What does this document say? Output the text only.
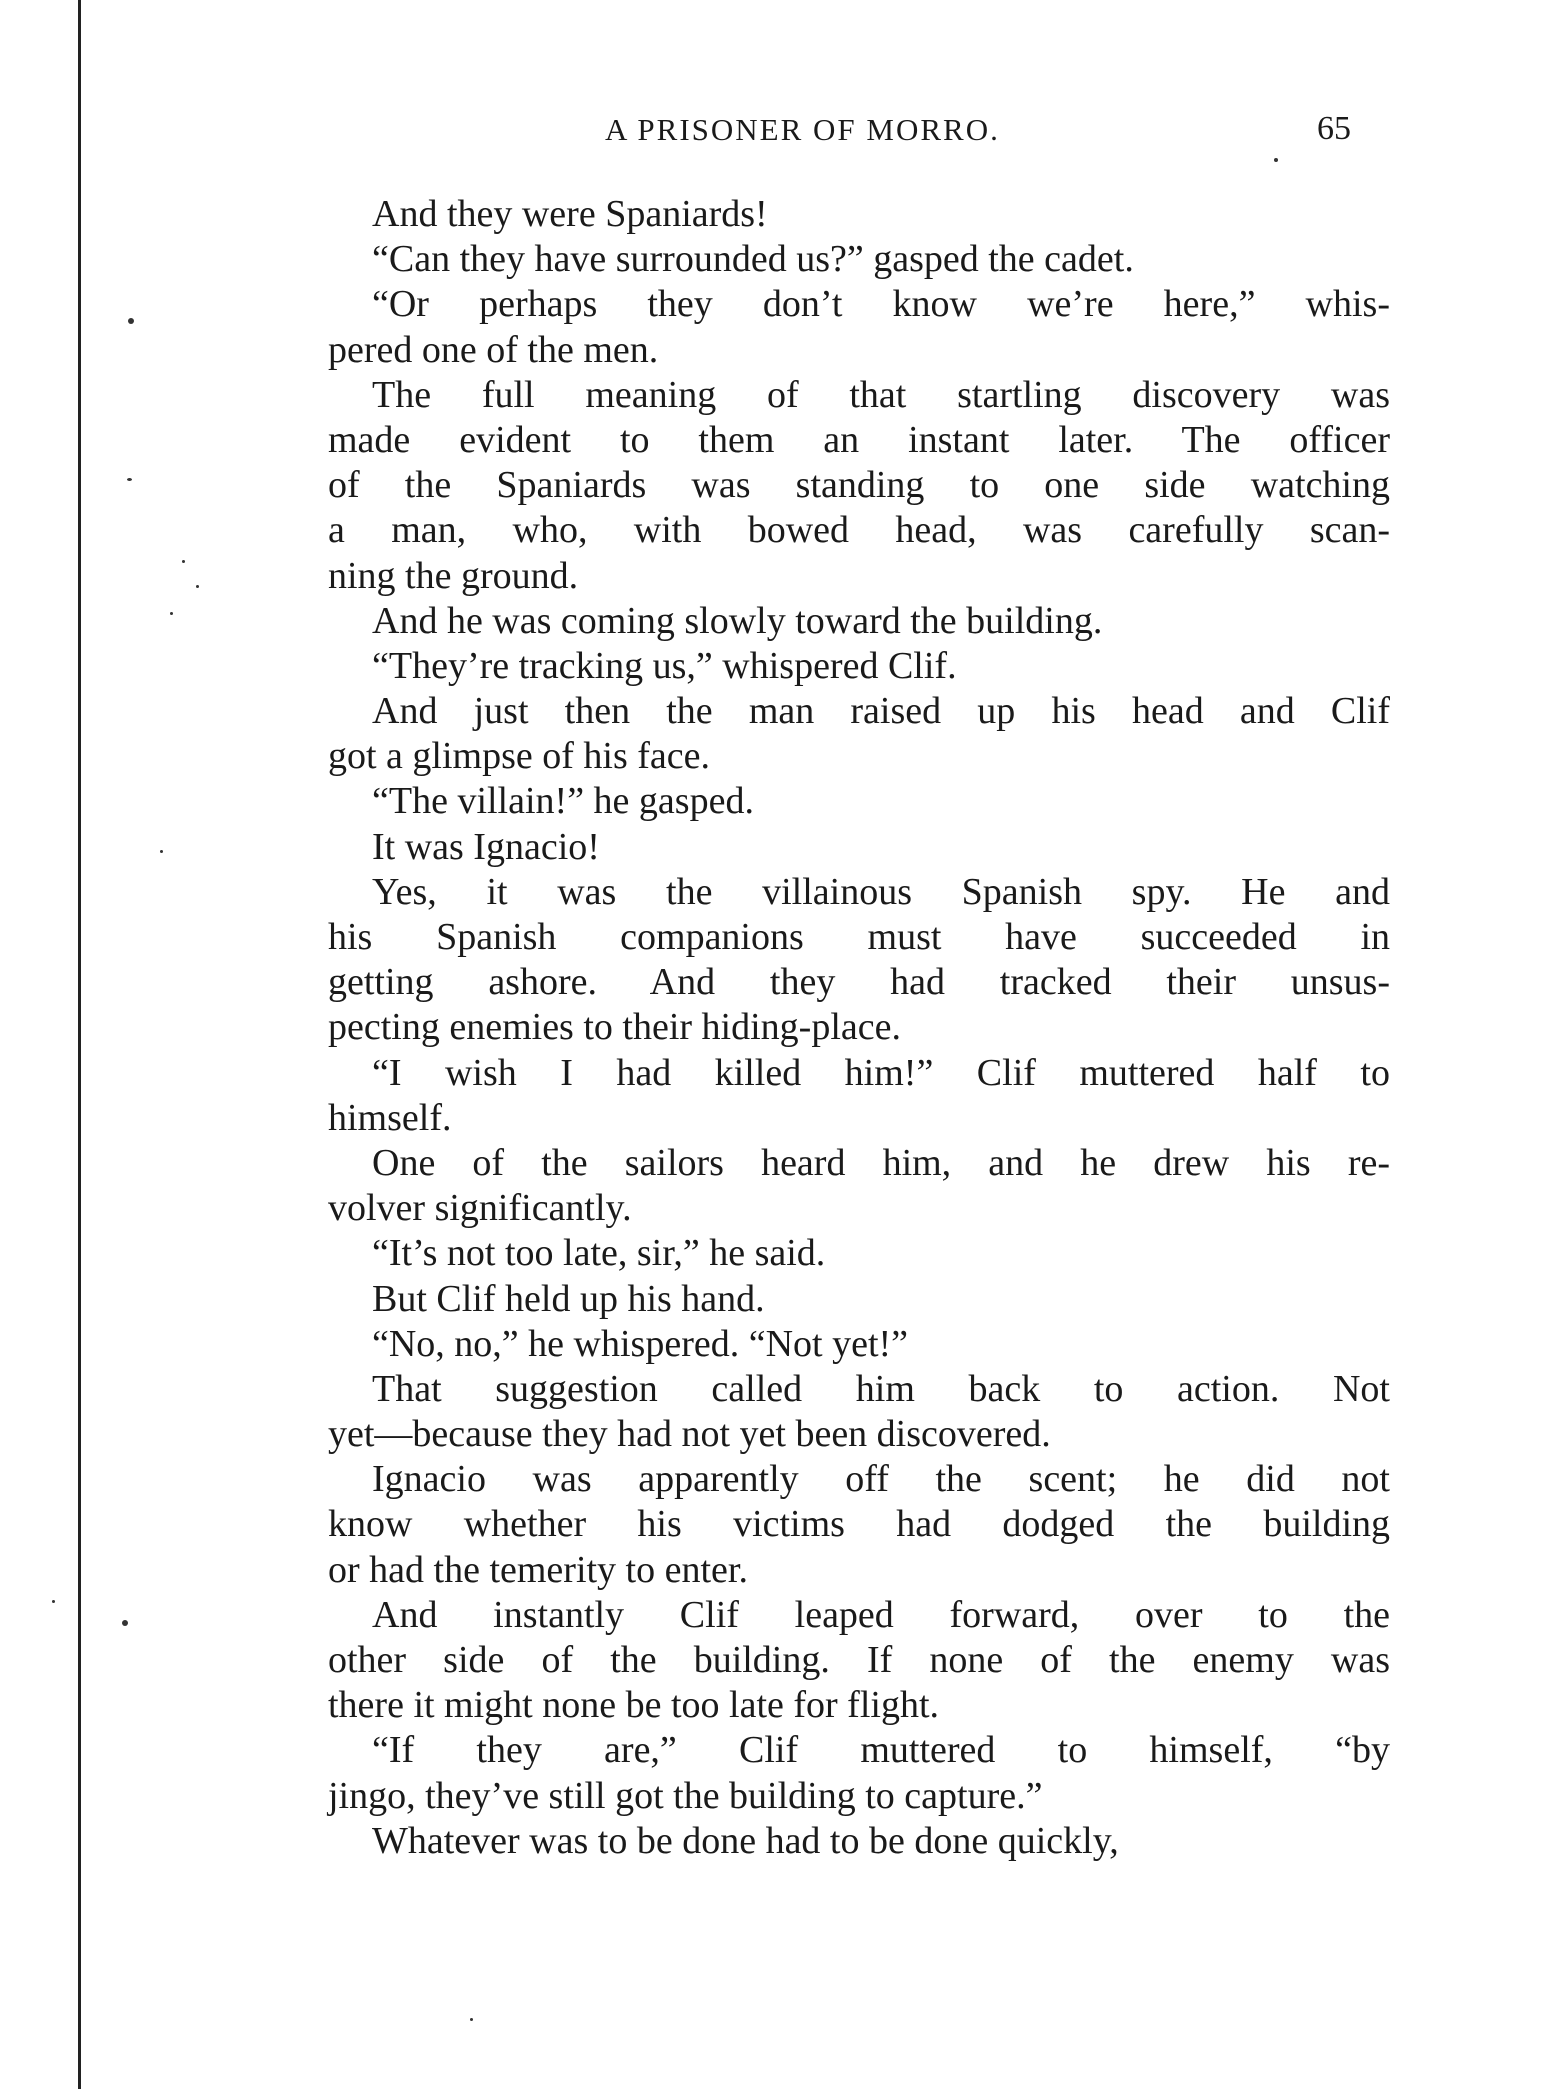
A PRISONER OF MORRO.	65
And they were Spaniards!
“Can they have surrounded us?” gasped the cadet.
“Or perhaps they don’t know we’re here,” whis-
pered one of the men.
The full meaning of that startling discovery was
made evident to them an instant later. The officer
of the Spaniards was standing to one side watching
a man, who, with bowed head, was carefully scan-
ning the ground.
And he was coming slowly toward the building.
“They’re tracking us,” whispered Clif.
And just then the man raised up his head and Clif
got a glimpse of his face.
“The villain!” he gasped.
It was Ignacio!
Yes, it was the villainous Spanish spy. He and
his Spanish companions must have succeeded in
getting ashore. And they had tracked their unsus-
pecting enemies to their hiding-place.
“I wish I had killed him!” Clif muttered half to
himself.
One of the sailors heard him, and he drew his re-
volver significantly.
“It’s not too late, sir,” he said.
But Clif held up his hand.
“No, no,” he whispered. “Not yet!”
That suggestion called him back to action. Not
yet—because they had not yet been discovered.
Ignacio was apparently off the scent; he did not
know whether his victims had dodged the building
or had the temerity to enter.
And instantly Clif leaped forward, over to the
other side of the building. If none of the enemy was
there it might none be too late for flight.
“If they are,” Clif muttered to himself, “by
jingo, they’ve still got the building to capture.”
Whatever was to be done had to be done quickly,
